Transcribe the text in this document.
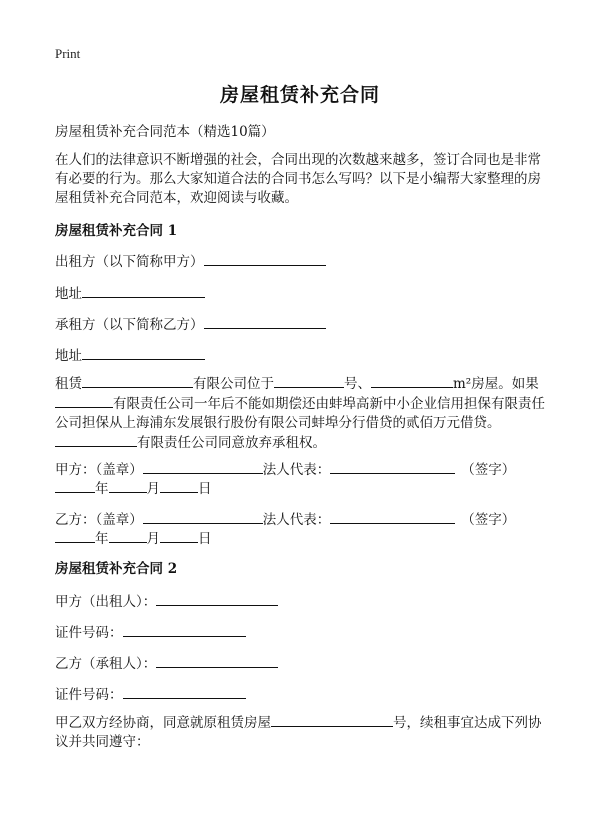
Print
房屋租赁补充合同
房屋租赁补充合同范本（精选10篇）
在人们的法律意识不断增强的社会，合同出现的次数越来越多，签订合同也是非常有必要的行为。那么大家知道合法的合同书怎么写吗？以下是小编帮大家整理的房屋租赁补充合同范本，欢迎阅读与收藏。
房屋租赁补充合同 1
出租方（以下简称甲方）
地址
承租方（以下简称乙方）
地址
租赁	有限公司位于	号、	m²房屋。如果有限责任公司一年后不能如期偿还由蚌埠高新中小企业信用担保有限责任公司担保从上海浦东发展银行股份有限公司蚌埠分行借贷的贰佰万元借贷。有限责任公司同意放弃承租权。
甲方：（盖章）	法人代表：	（签字）
年	月	日
乙方：（盖章）	法人代表：	（签字）
年	月	日
房屋租赁补充合同 2
甲方（出租人）：
证件号码：
乙方（承租人）：
证件号码：
甲乙双方经协商，同意就原租赁房屋	号，续租事宜达成下列协
议并共同遵守：
